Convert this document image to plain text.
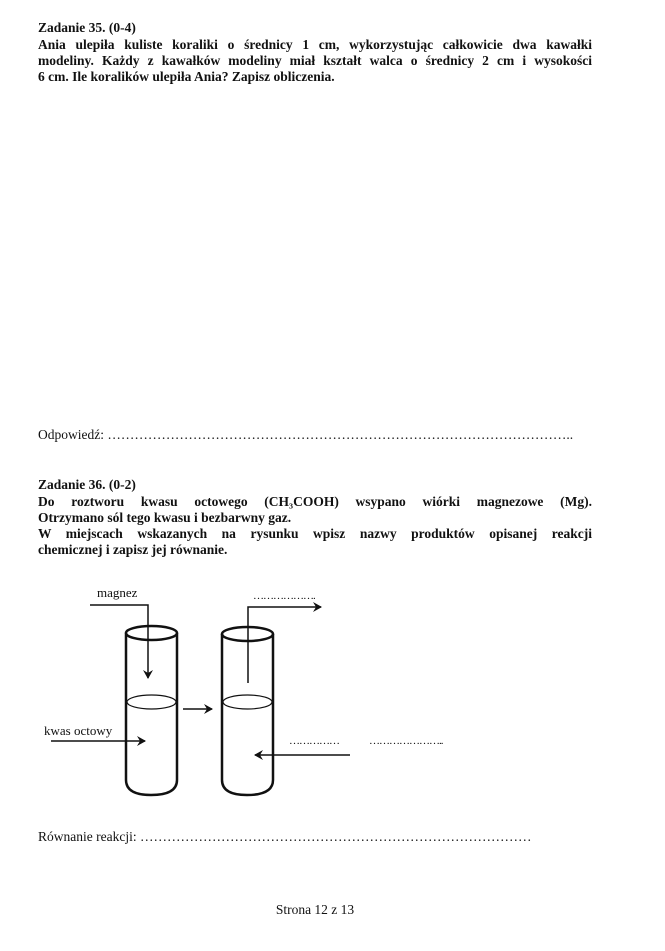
Zadanie 35. (0-4)
Ania ulepiła kuliste koraliki o średnicy 1 cm, wykorzystując całkowicie dwa kawałki
modeliny. Każdy z kawałków modeliny miał kształt walca o średnicy 2 cm i wysokości
6 cm. Ile koralików ulepiła Ania? Zapisz obliczenia.
Odpowiedź: …………………………………………………………………………………………..
Zadanie 36. (0-2)
Do roztworu kwasu octowego (CH₃COOH) wsypano wiórki magnezowe (Mg).
Otrzymano sól tego kwasu i bezbarwny gaz.
W miejscach wskazanych na rysunku wpisz nazwy produktów opisanej reakcji
chemicznej i zapisz jej równanie.
magnez
kwas octowy
……………….
……………	…………………..
Równanie reakcji: ……………………………………………………………………………
Strona 12 z 13
